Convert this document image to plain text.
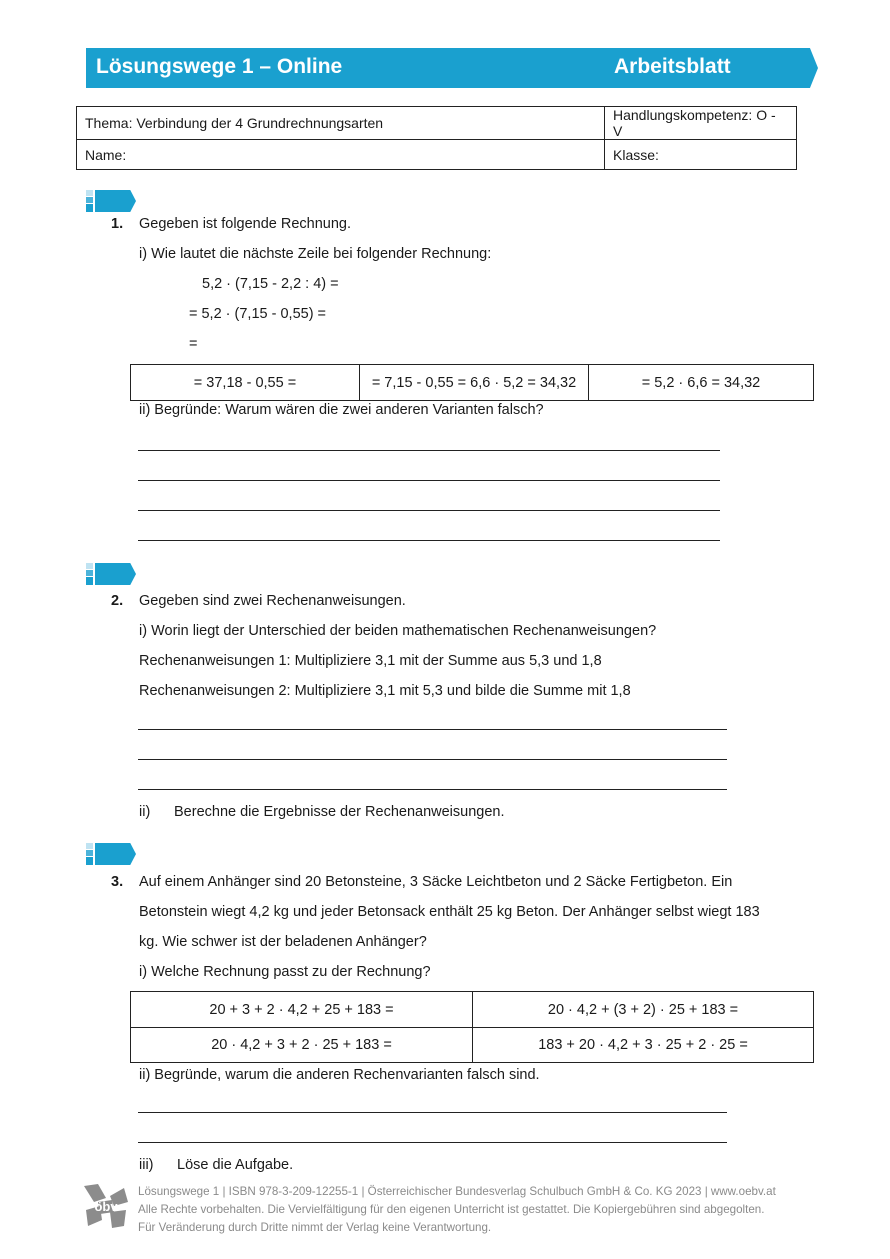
Lösungswege 1 – Online	Arbeitsblatt
Thema: Verbindung der 4 Grundrechnungsarten	Handlungskompetenz: O - V
Name:	Klasse:
1. Gegeben ist folgende Rechnung.
i) Wie lautet die nächste Zeile bei folgender Rechnung:
5,2 · (7,15 - 2,2 : 4) =
= 5,2 · (7,15 - 0,55) =
=
= 37,18 - 0,55 =	= 7,15 - 0,55 = 6,6 · 5,2 = 34,32	= 5,2 · 6,6 = 34,32
ii) Begründe: Warum wären die zwei anderen Varianten falsch?
2. Gegeben sind zwei Rechenanweisungen.
i) Worin liegt der Unterschied der beiden mathematischen Rechenanweisungen?
Rechenanweisungen 1: Multipliziere 3,1 mit der Summe aus 5,3 und 1,8
Rechenanweisungen 2: Multipliziere 3,1 mit 5,3 und bilde die Summe mit 1,8
ii) Berechne die Ergebnisse der Rechenanweisungen.
3. Auf einem Anhänger sind 20 Betonsteine, 3 Säcke Leichtbeton und 2 Säcke Fertigbeton. Ein
Betonstein wiegt 4,2 kg und jeder Betonsack enthält 25 kg Beton. Der Anhänger selbst wiegt 183
kg. Wie schwer ist der beladenen Anhänger?
i) Welche Rechnung passt zu der Rechnung?
20 + 3 + 2 · 4,2 + 25 + 183 =	20 · 4,2 + (3 + 2) · 25 + 183 =
20 · 4,2 + 3 + 2 · 25 + 183 =	183 + 20 · 4,2 + 3 · 25 + 2 · 25 =
ii) Begründe, warum die anderen Rechenvarianten falsch sind.
iii) Löse die Aufgabe.
öbv
Lösungswege 1 | ISBN 978-3-209-12255-1 | Österreichischer Bundesverlag Schulbuch GmbH & Co. KG 2023 | www.oebv.at
Alle Rechte vorbehalten. Die Vervielfältigung für den eigenen Unterricht ist gestattet. Die Kopiergebühren sind abgegolten.
Für Veränderung durch Dritte nimmt der Verlag keine Verantwortung.
